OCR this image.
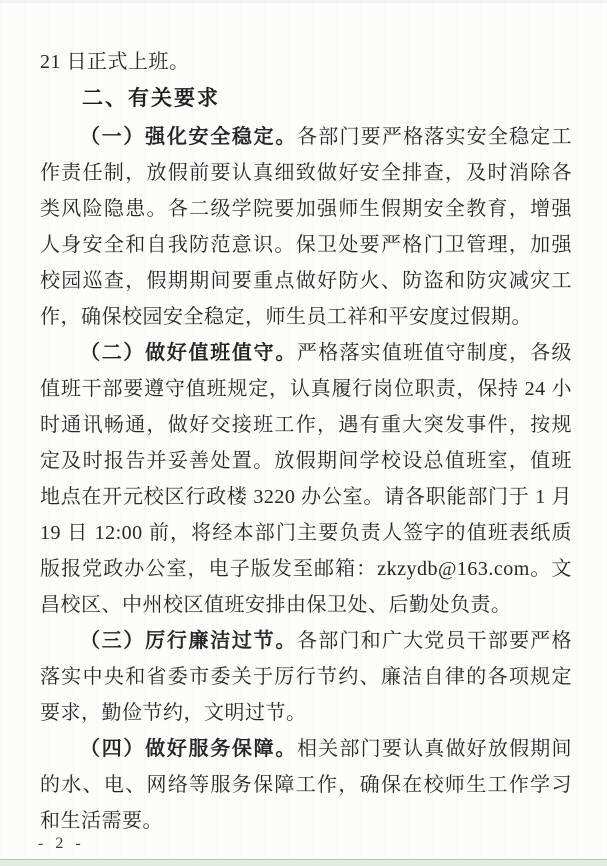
21 日正式上班。

二、有关要求

（一）强化安全稳定。各部门要严格落实安全稳定工作责任制，放假前要认真细致做好安全排查，及时消除各类风险隐患。各二级学院要加强师生假期安全教育，增强人身安全和自我防范意识。保卫处要严格门卫管理，加强校园巡查，假期期间要重点做好防火、防盗和防灾减灾工作，确保校园安全稳定，师生员工祥和平安度过假期。

（二）做好值班值守。严格落实值班值守制度，各级值班干部要遵守值班规定，认真履行岗位职责，保持 24 小时通讯畅通，做好交接班工作，遇有重大突发事件，按规定及时报告并妥善处置。放假期间学校设总值班室，值班地点在开元校区行政楼 3220 办公室。请各职能部门于 1 月 19 日 12:00 前，将经本部门主要负责人签字的值班表纸质版报党政办公室，电子版发至邮箱：zkzydb@163.com。文昌校区、中州校区值班安排由保卫处、后勤处负责。

（三）厉行廉洁过节。各部门和广大党员干部要严格落实中央和省委市委关于厉行节约、廉洁自律的各项规定要求，勤俭节约，文明过节。

（四）做好服务保障。相关部门要认真做好放假期间的水、电、网络等服务保障工作，确保在校师生工作学习和生活需要。

- 2 -
